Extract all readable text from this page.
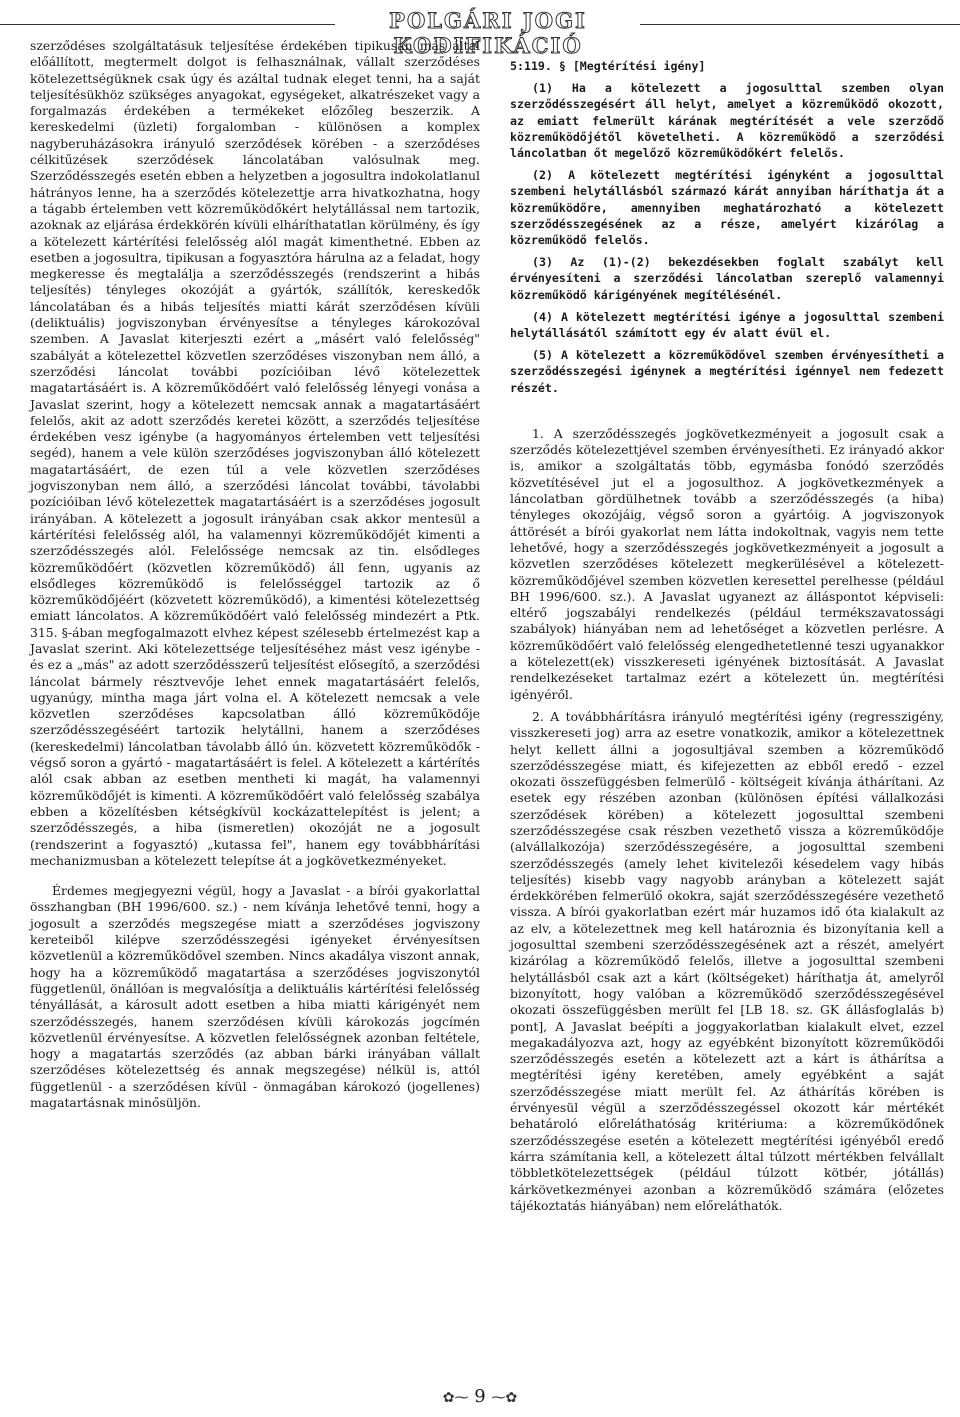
POLGÁRI JOGI KODIFIKÁCIÓ

szerződéses szolgáltatásuk teljesítése érdekében tipikusan más által előállított, megtermelt dolgot is felhasználnak, vállalt szerződéses kötelezettségüknek csak úgy és azáltal tudnak eleget tenni, ha a saját teljesítésükhöz szükséges anyagokat, egységeket, alkatrészeket vagy a forgalmazás érdekében a termékeket előzőleg beszerzik. A kereskedelmi (üzleti) forgalomban - különösen a komplex nagyberuházásokra irányuló szerződések körében - a szerződéses célkitűzések szerződések láncolatában valósulnak meg. Szerződésszegés esetén ebben a helyzetben a jogosultra indokolatlanul hátrányos lenne, ha a szerződés kötelezettje arra hivatkozhatna, hogy a tágabb értelemben vett közreműködőkért helytállással nem tartozik, azoknak az eljárása érdekkörén kívüli elháríthatatlan körülmény, és így a kötelezett kártérítési felelősség alól magát kimenthetné. Ebben az esetben a jogosultra, tipikusan a fogyasztóra hárulna az a feladat, hogy megkeresse és megtalálja a szerződésszegés (rendszerint a hibás teljesítés) tényleges okozóját a gyártók, szállítók, kereskedők láncolatában és a hibás teljesítés miatti kárát szerződésen kívüli (deliktuális) jogviszonyban érvényesítse a tényleges károkozóval szemben. A Javaslat kiterjeszti ezért a „másért való felelősség" szabályát a kötelezettel közvetlen szerződéses viszonyban nem álló, a szerződési láncolat további pozícióiban lévő kötelezettek magatartásáért is. A közreműködőért való felelősség lényegi vonása a Javaslat szerint, hogy a kötelezett nemcsak annak a magatartásáért felelős, akit az adott szerződés keretei között, a szerződés teljesítése érdekében vesz igénybe (a hagyományos értelemben vett teljesítési segéd), hanem a vele külön szerződéses jogviszonyban álló kötelezett magatartásáért, de ezen túl a vele közvetlen szerződéses jogviszonyban nem álló, a szerződési láncolat további, távolabbi pozícióiban lévő kötelezettek magatartásáért is a szerződéses jogosult irányában. A kötelezett a jogosult irányában csak akkor mentesül a kártérítési felelősség alól, ha valamennyi közreműködőjét kimenti a szerződésszegés alól. Felelőssége nemcsak az tin. elsődleges közreműködőért (közvetlen közreműködő) áll fenn, ugyanis az elsődleges közreműködő is felelősséggel tartozik az ő közreműködőjéért (közvetett közreműködő), a kimentési kötelezettség emiatt láncolatos. A közreműködőért való felelősség mindezért a Ptk. 315. §-ában megfogalmazott elvhez képest szélesebb értelmezést kap a Javaslat szerint. Aki kötelezettsége teljesítéséhez mást vesz igénybe - és ez a „más" az adott szerződésszerű teljesítést elősegítő, a szerződési láncolat bármely résztvevője lehet ennek magatartásáért felelős, ugyanúgy, mintha maga járt volna el. A kötelezett nemcsak a vele közvetlen szerződéses kapcsolatban álló közreműködője szerződésszegéséért tartozik helytállni, hanem a szerződéses (kereskedelmi) láncolatban távolabb álló ún. közvetett közreműködők - végső soron a gyártó - magatartásáért is felel. A kötelezett a kártérítés alól csak abban az esetben mentheti ki magát, ha valamennyi közreműködőjét is kimenti. A közreműködőért való felelősség szabálya ebben a közelítésben kétségkívül kockázattelepítést is jelent; a szerződésszegés, a hiba (ismeretlen) okozóját ne a jogosult (rendszerint a fogyasztó) „kutassa fel", hanem egy továbbhárítási mechanizmusban a kötelezett telepítse át a jogkövetkezményeket.

Érdemes megjegyezni végül, hogy a Javaslat - a bírói gyakorlattal összhangban (BH 1996/600. sz.) - nem kívánja lehetővé tenni, hogy a jogosult a szerződés megszegése miatt a szerződéses jogviszony kereteiből kilépve szerződésszegési igényeket érvényesítsen közvetlenül a közreműködővel szemben. Nincs akadálya viszont annak, hogy ha a közreműködő magatartása a szerződéses jogviszonytól függetlenül, önállóan is megvalósítja a deliktuális kártérítési felelősség tényállását, a károsult adott esetben a hiba miatti kárigényét nem szerződésszegés, hanem szerződésen kívüli károkozás jogcímén közvetlenül érvényesítse. A közvetlen felelősségnek azonban feltétele, hogy a magatartás szerződés (az abban bárki irányában vállalt szerződéses kötelezettség és annak megszegése) nélkül is, attól függetlenül - a szerződésen kívül - önmagában károkozó (jogellenes) magatartásnak minősüljön.

5:119. § [Megtérítési igény]

(1) Ha a kötelezett a jogosulttal szemben olyan szerződésszegésért áll helyt, amelyet a közreműködő okozott, az emiatt felmerült kárának megtérítését a vele szerződő közreműködőjétől követelheti. A közreműködő a szerződési láncolatban őt megelőző közreműködőkért felelős.

(2) A kötelezett megtérítési igényként a jogosulttal szembeni helytállásból származó kárát annyiban háríthatja át a közreműködőre, amennyiben meghatározható a kötelezett szerződésszegésének az a része, amelyért kizárólag a közreműködő felelős.

(3) Az (1)-(2) bekezdésekben foglalt szabályt kell érvényesíteni a szerződési láncolatban szereplő valamennyi közreműködő kárigényének megítélésénél.

(4) A kötelezett megtérítési igénye a jogosulttal szembeni helytállásától számított egy év alatt évül el.

(5) A kötelezett a közreműködővel szemben érvényesítheti a szerződésszegési igénynek a megtérítési igénnyel nem fedezett részét.

1. A szerződésszegés jogkövetkezményeit a jogosult csak a szerződés kötelezettjével szemben érvényesítheti. Ez irányadó akkor is, amikor a szolgáltatás több, egymásba fonódó szerződés közvetítésével jut el a jogosulthoz. A jogkövetkezmények a láncolatban gördülhetnek tovább a szerződésszegés (a hiba) tényleges okozójáig, végső soron a gyártóig. A jogviszonyok áttörését a bírói gyakorlat nem látta indokoltnak, vagyis nem tette lehetővé, hogy a szerződésszegés jogkövetkezményeit a jogosult a közvetlen szerződéses kötelezett megkerülésével a kötelezett-közreműködőjével szemben közvetlen keresettel perelhesse (például BH 1996/600. sz.). A Javaslat ugyanezt az álláspontot képviseli: eltérő jogszabályi rendelkezés (például termékszavatossági szabályok) hiányában nem ad lehetőséget a közvetlen perlésre. A közreműködőért való felelősség elengedhetetlenné teszi ugyanakkor a kötelezett(ek) visszkereseti igényének biztosítását. A Javaslat rendelkezéseket tartalmaz ezért a kötelezett ún. megtérítési igényéről.

2. A továbbhárításra irányuló megtérítési igény (regresszigény, visszkereseti jog) arra az esetre vonatkozik, amikor a kötelezettnek helyt kellett állni a jogosultjával szemben a közreműködő szerződésszegése miatt, és kifejezetten az ebből eredő - ezzel okozati összefüggésben felmerülő - költségeit kívánja áthárítani. Az esetek egy részében azonban (különösen építési vállalkozási szerződések körében) a kötelezett jogosulttal szembeni szerződésszegése csak részben vezethető vissza a közreműködője (alvállalkozója) szerződésszegésére, a jogosulttal szembeni szerződésszegés (amely lehet kivitelezői késedelem vagy hibás teljesítés) kisebb vagy nagyobb arányban a kötelezett saját érdekkörében felmerülő okokra, saját szerződésszegésére vezethető vissza. A bírói gyakorlatban ezért már huzamos idő óta kialakult az az elv, a kötelezettnek meg kell határoznia és bizonyítania kell a jogosulttal szembeni szerződésszegésének azt a részét, amelyért kizárólag a közreműködő felelős, illetve a jogosulttal szembeni helytállásból csak azt a kárt (költségeket) háríthatja át, amelyről bizonyított, hogy valóban a közreműködő szerződésszegésével okozati összefüggésben merült fel [LB 18. sz. GK állásfoglalás b) pont], A Javaslat beépíti a joggyakorlatban kialakult elvet, ezzel megakadályozva azt, hogy az egyébként bizonyított közreműködői szerződésszegés esetén a kötelezett azt a kárt is áthárítsa a megtérítési igény keretében, amely egyébként a saját szerződésszegése miatt merült fel. Az áthárítás körében is érvényesül végül a szerződésszegéssel okozott kár mértékét behatároló előreláthatóság kritériuma: a közreműködőnek szerződésszegése esetén a kötelezett megtérítési igényéből eredő kárra számítania kell, a kötelezett által túlzott mértékben felvállalt többletkötelezettségek (például túlzott kötbér, jótállás) kárkövetkezményei azonban a közreműködő számára (előzetes tájékoztatás hiányában) nem előreláthatók.

✿⁓ 9 ⁓✿
